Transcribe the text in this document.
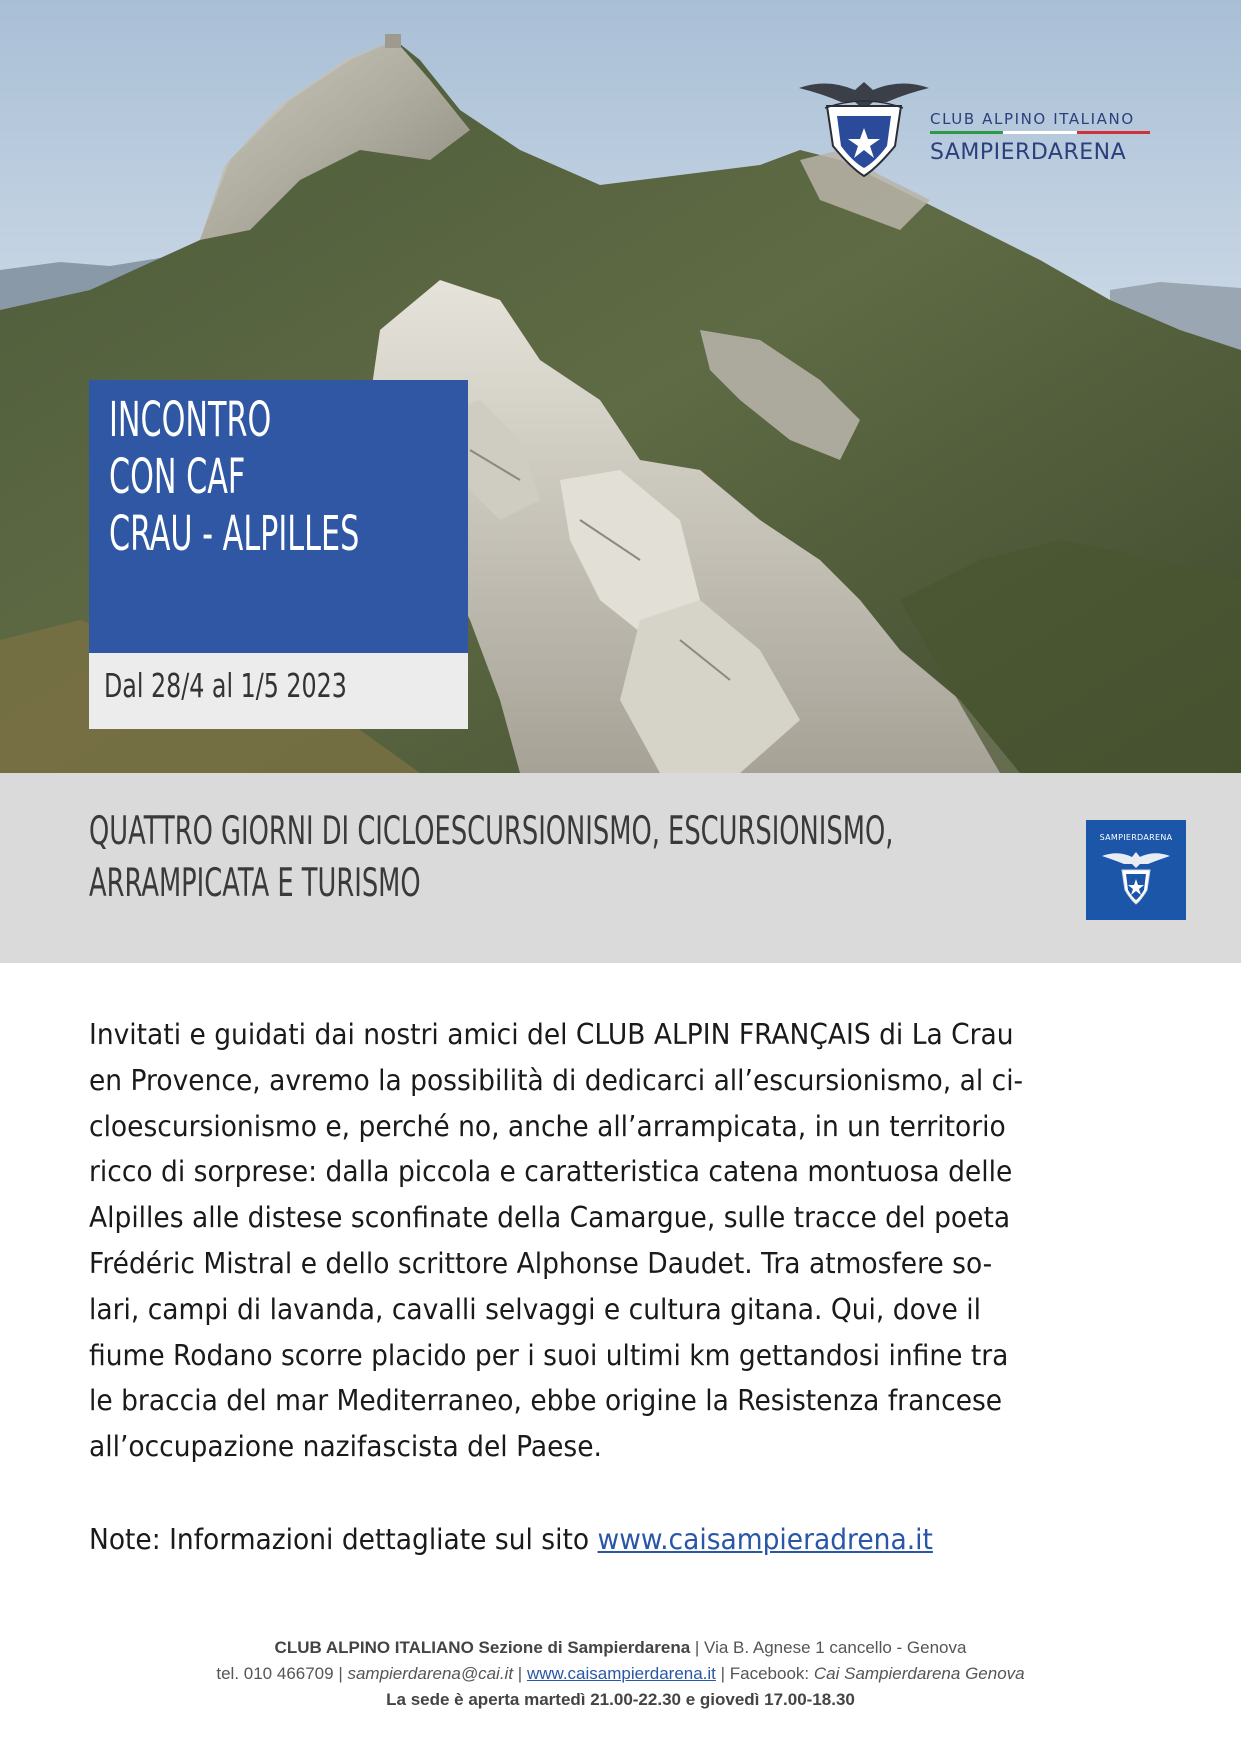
CLUB ALPINO ITALIANO
SAMPIERDARENA
INCONTRO
CON CAF
CRAU - ALPILLES
Dal 28/4 al 1/5 2023
QUATTRO GIORNI DI CICLOESCURSIONISMO, ESCURSIONISMO,
ARRAMPICATA E TURISMO
SAMPIERDARENA
Invitati e guidati dai nostri amici del CLUB ALPIN FRANÇAIS di La Crau
en Provence, avremo la possibilità di dedicarci all’escursionismo, al ci-
cloescursionismo e, perché no, anche all’arrampicata, in un territorio
ricco di sorprese: dalla piccola e caratteristica catena montuosa delle
Alpilles alle distese sconfinate della Camargue, sulle tracce del poeta
Frédéric Mistral e dello scrittore Alphonse Daudet. Tra atmosfere so-
lari, campi di lavanda, cavalli selvaggi e cultura gitana. Qui, dove il
fiume Rodano scorre placido per i suoi ultimi km gettandosi infine tra
le braccia del mar Mediterraneo, ebbe origine la Resistenza francese
all’occupazione nazifascista del Paese.
Note: Informazioni dettagliate sul sito www.caisampieradrena.it
CLUB ALPINO ITALIANO Sezione di Sampierdarena | Via B. Agnese 1 cancello - Genova
tel. 010 466709 | sampierdarena@cai.it | www.caisampierdarena.it | Facebook: Cai Sampierdarena Genova
La sede è aperta martedì 21.00-22.30 e giovedì 17.00-18.30
